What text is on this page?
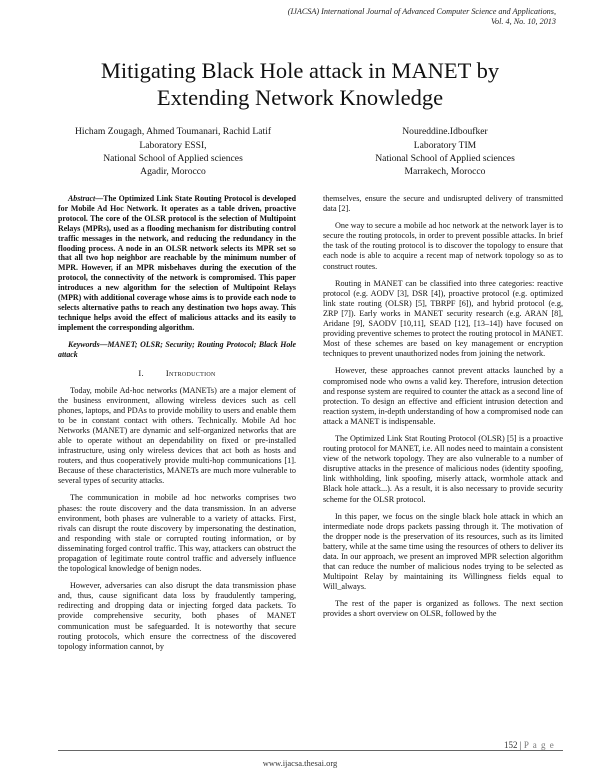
(IJACSA) International Journal of Advanced Computer Science and Applications,
Vol. 4, No. 10, 2013
Mitigating Black Hole attack in MANET by
Extending Network Knowledge
Hicham Zougagh, Ahmed Toumanari, Rachid Latif
Laboratory ESSI,
National School of Applied sciences
Agadir, Morocco
Noureddine.Idboufker
Laboratory TIM
National School of Applied sciences
Marrakech, Morocco

Abstract—The Optimized Link State Routing Protocol is developed for Mobile Ad Hoc Network. It operates as a table driven, proactive protocol. The core of the OLSR protocol is the selection of Multipoint Relays (MPRs), used as a flooding mechanism for distributing control traffic messages in the network, and reducing the redundancy in the flooding process. A node in an OLSR network selects its MPR set so that all two hop neighbor are reachable by the minimum number of MPR. However, if an MPR misbehaves during the execution of the protocol, the connectivity of the network is compromised. This paper introduces a new algorithm for the selection of Multipoint Relays (MPR) with additional coverage whose aims is to provide each node to selects alternative paths to reach any destination two hops away. This technique helps avoid the effect of malicious attacks and its easily to implement the corresponding algorithm.

Keywords—MANET; OLSR; Security; Routing Protocol; Black Hole attack

I.	Introduction

Today, mobile Ad-hoc networks (MANETs) are a major element of the business environment, allowing wireless devices such as cell phones, laptops, and PDAs to provide mobility to users and enable them to be in constant contact with others. Technically. Mobile Ad hoc Networks (MANET) are dynamic and self-organized networks that are able to operate without an dependability on fixed or pre-installed infrastructure, using only wireless devices that act both as hosts and routers, and thus cooperatively provide multi-hop communications [1]. Because of these characteristics, MANETs are much more vulnerable to several types of security attacks.

The communication in mobile ad hoc networks comprises two phases: the route discovery and the data transmission. In an adverse environment, both phases are vulnerable to a variety of attacks. First, rivals can disrupt the route discovery by impersonating the destination, and responding with stale or corrupted routing information, or by disseminating forged control traffic. This way, attackers can obstruct the propagation of legitimate route control traffic and adversely influence the topological knowledge of benign nodes.

However, adversaries can also disrupt the data transmission phase and, thus, cause significant data loss by fraudulently tampering, redirecting and dropping data or injecting forged data packets. To provide comprehensive security, both phases of MANET communication must be safeguarded. It is noteworthy that secure routing protocols, which ensure the correctness of the discovered topology information cannot, by

themselves, ensure the secure and undisrupted delivery of transmitted data [2].

One way to secure a mobile ad hoc network at the network layer is to secure the routing protocols, in order to prevent possible attacks. In brief the task of the routing protocol is to discover the topology to ensure that each node is able to acquire a recent map of network topology so as to construct routes.

Routing in MANET can be classified into three categories: reactive protocol (e.g. AODV [3], DSR [4]), proactive protocol (e.g. optimized link state routing (OLSR) [5], TBRPF [6]), and hybrid protocol (e.g, ZRP [7]). Early works in MANET security research (e.g. ARAN [8], Aridane [9], SAODV [10,11], SEAD [12], [13–14]) have focused on providing preventive schemes to protect the routing protocol in MANET. Most of these schemes are based on key management or encryption techniques to prevent unauthorized nodes from joining the network.

However, these approaches cannot prevent attacks launched by a compromised node who owns a valid key. Therefore, intrusion detection and response system are required to counter the attack as a second line of protection. To design an effective and efficient intrusion detection and reaction system, in-depth understanding of how a compromised node can attack a MANET is indispensable.

The Optimized Link Stat Routing Protocol (OLSR) [5] is a proactive routing protocol for MANET, i.e. All nodes need to maintain a consistent view of the network topology. They are also vulnerable to a number of disruptive attacks in the presence of malicious nodes (identity spoofing, link withholding, link spoofing, miserly attack, wormhole attack and Black hole attack...). As a result, it is also necessary to provide security scheme for the OLSR protocol.

In this paper, we focus on the single black hole attack in which an intermediate node drops packets passing through it. The motivation of the dropper node is the preservation of its resources, such as its limited battery, while at the same time using the resources of others to deliver its data. In our approach, we present an improved MPR selection algorithm that can reduce the number of malicious nodes trying to be selected as Multipoint Relay by maintaining its Willingness fields equal to Will_always.

The rest of the paper is organized as follows. The next section provides a short overview on OLSR, followed by the

152 | P a g e
www.ijacsa.thesai.org
